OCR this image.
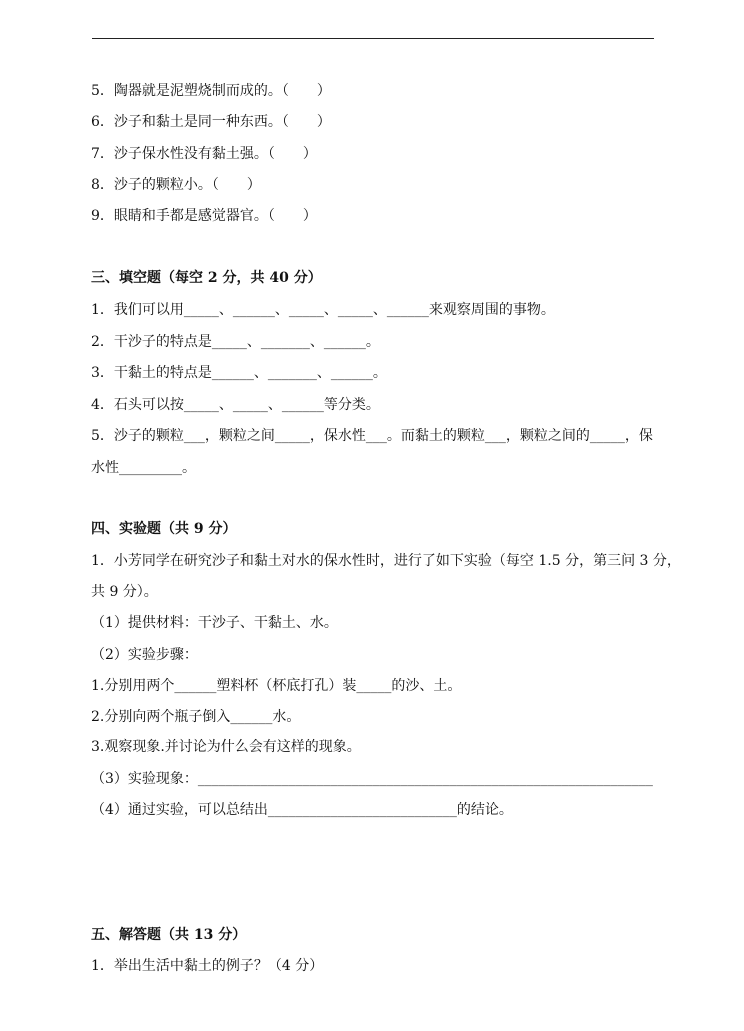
5．陶器就是泥塑烧制而成的。（　　）
6．沙子和黏土是同一种东西。（　　）
7．沙子保水性没有黏土强。（　　）
8．沙子的颗粒小。（　　）
9．眼睛和手都是感觉器官。（　　）
三、填空题（每空 2 分，共 40 分）
1．我们可以用_____、______、_____、_____、______来观察周围的事物。
2．干沙子的特点是_____、_______、______。
3．干黏土的特点是______、_______、______。
4．石头可以按_____、_____、______等分类。
5．沙子的颗粒___，颗粒之间_____，保水性___。而黏土的颗粒___，颗粒之间的_____，保
水性_________。
四、实验题（共 9 分）
1．小芳同学在研究沙子和黏土对水的保水性时，进行了如下实验（每空 1.5 分，第三问 3 分，
共 9 分）。
（1）提供材料：干沙子、干黏土、水。
（2）实验步骤：
1.分别用两个______塑料杯（杯底打孔）装_____的沙、土。
2.分别向两个瓶子倒入______水。
3.观察现象.并讨论为什么会有这样的现象。
（3）实验现象：_________________________________________________________________
（4）通过实验，可以总结出___________________________的结论。
五、解答题（共 13 分）
1．举出生活中黏土的例子？（4 分）
